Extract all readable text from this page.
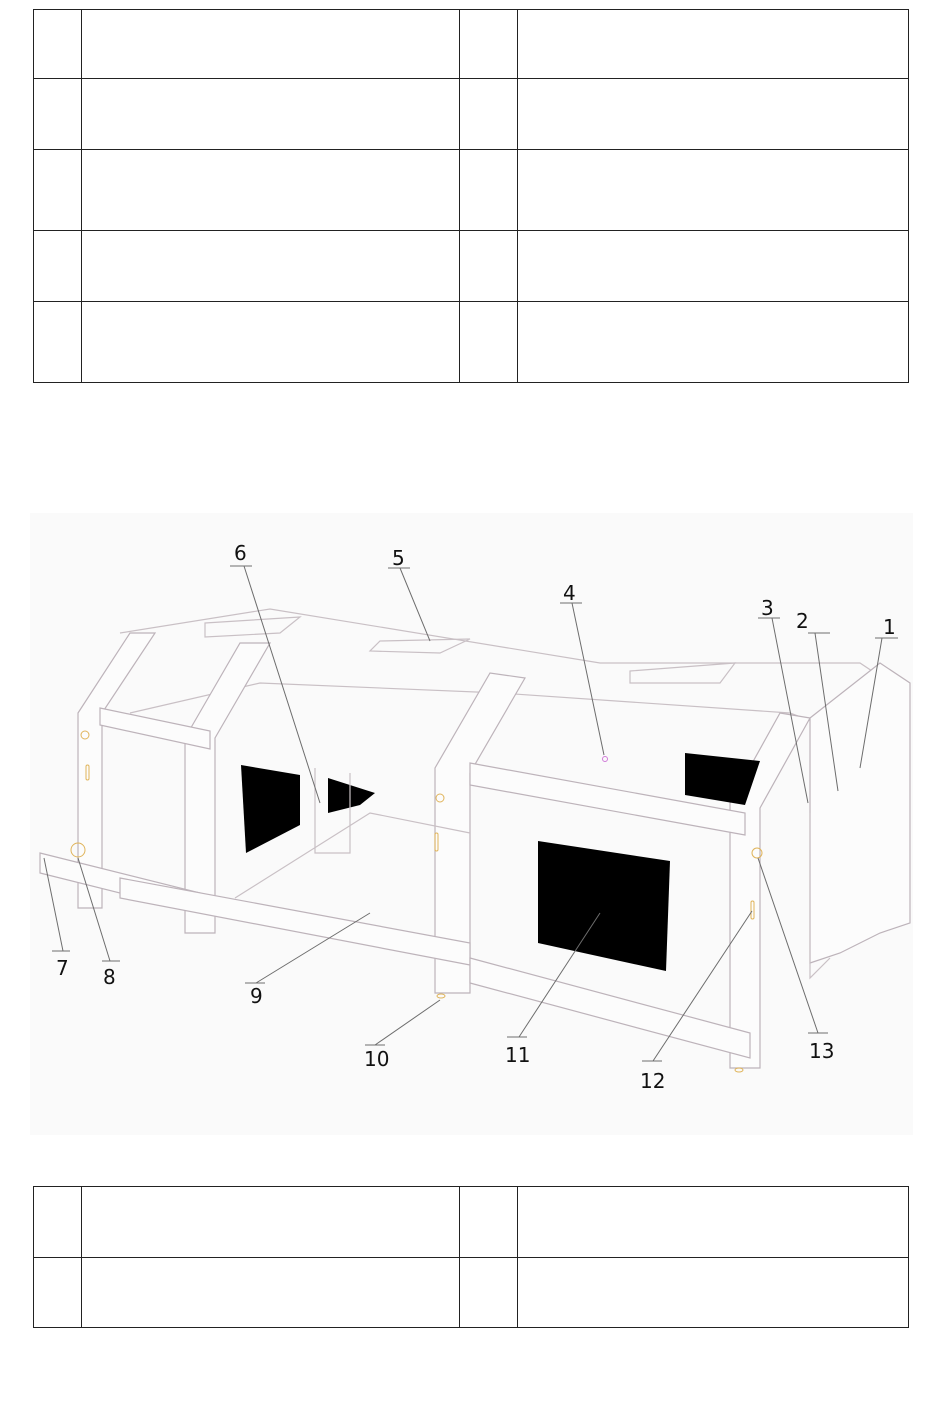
1
2
3
4
5
6
7 8
9
10	11
12
13
